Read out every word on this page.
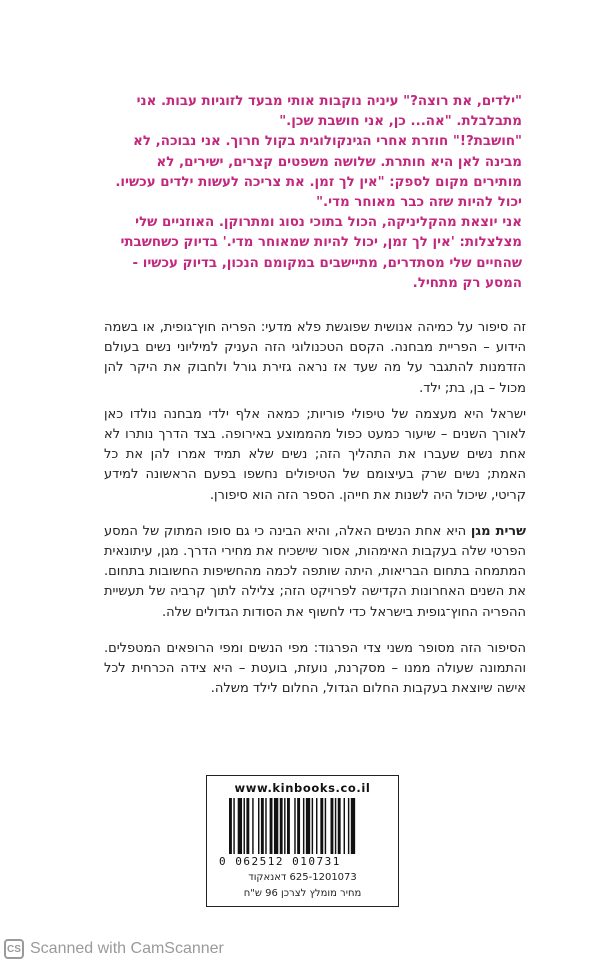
"ילדים, את רוצה?" עיניה נוקבות אותי מבעד לזוגיות עבות. אני מתבלבלת. "אה... כן, אני חושבת שכן."

"חושבת?!" חוזרת אחרי הגינקולוגית בקול חרוך. אני נבוכה, לא מבינה לאן היא חותרת. שלושה משפטים קצרים, ישירים, לא מותירים מקום לספק: "אין לך זמן. את צריכה לעשות ילדים עכשיו. יכול להיות שזה כבר מאוחר מדי."

אני יוצאת מהקליניקה, הכול בתוכי נסוג ומתרוקן. האוזניים שלי מצלצלות: 'אין לך זמן, יכול להיות שמאוחר מדי.' בדיוק כשחשבתי שהחיים שלי מסתדרים, מתיישבים במקומם הנכון, בדיוק עכשיו - המסע רק מתחיל.

זה סיפור על כמיהה אנושית שפוגשת פלא מדעי: הפריה חוץ־גופית, או בשמה הידוע – הפריית מבחנה. הקסם הטכנולוגי הזה העניק למיליוני נשים בעולם הזדמנות להתגבר על מה שעד אז נראה גזירת גורל ולחבוק את היקר להן מכול – בן, בת; ילד.

ישראל היא מעצמה של טיפולי פוריות; כמאה אלף ילדי מבחנה נולדו כאן לאורך השנים – שיעור כמעט כפול מהממוצע באירופה. בצד הדרך נותרו לא אחת נשים שעברו את התהליך הזה; נשים שלא תמיד אמרו להן את כל האמת; נשים שרק בעיצומם של הטיפולים נחשפו בפעם הראשונה למידע קריטי, שיכול היה לשנות את חייהן. הספר הזה הוא סיפורן.

שרית מגן היא אחת הנשים האלה, והיא הבינה כי גם סופו המתוק של המסע הפרטי שלה בעקבות האימהות, אסור שישכיח את מחירי הדרך. מגן, עיתונאית המתמחה בתחום הבריאות, היתה שותפה לכמה מהחשיפות החשובות בתחום. את השנים האחרונות הקדישה לפרויקט הזה; צלילה לתוך קרביה של תעשיית ההפריה החוץ־גופית בישראל כדי לחשוף את הסודות הגדולים שלה.

הסיפור הזה מסופר משני צדי הפרגוד: מפי הנשים ומפי הרופאים המטפלים. והתמונה שעולה ממנו – מסקרנת, נועזת, בועטת – היא צידה הכרחית לכל אישה שיוצאת בעקבות החלום הגדול, החלום לילד משלה.

www.kinbooks.co.il
0 062512 010731
625-1201073 דאנאקוד
מחיר מומלץ לצרכן 96 ש"ח
CS Scanned with CamScanner
